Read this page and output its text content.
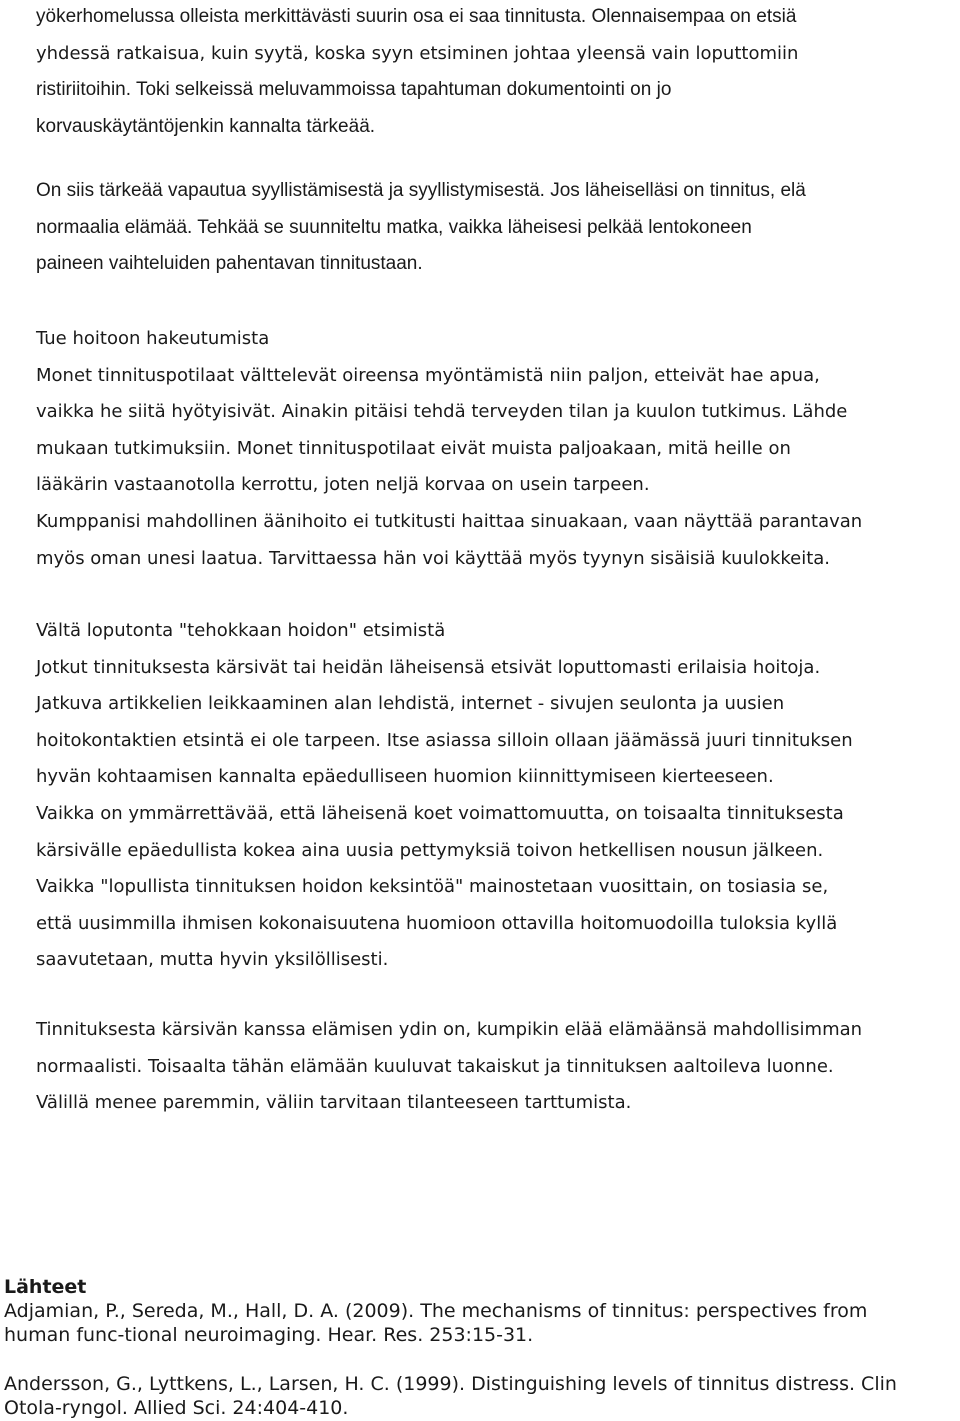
yökerhomelussa olleista merkittävästi suurin osa ei saa tinnitusta. Olennaisempaa on etsiä
yhdessä ratkaisua, kuin syytä, koska syyn etsiminen johtaa yleensä vain loputtomiin
ristiriitoihin. Toki selkeissä meluvammoissa tapahtuman dokumentointi on jo
korvauskäytäntöjenkin kannalta tärkeää.
On siis tärkeää vapautua syyllistämisestä ja syyllistymisestä. Jos läheiselläsi on tinnitus, elä
normaalia elämää. Tehkää se suunniteltu matka, vaikka läheisesi pelkää lentokoneen
paineen vaihteluiden pahentavan tinnitustaan.
Tue hoitoon hakeutumista
Monet tinnituspotilaat välttelevät oireensa myöntämistä niin paljon, etteivät hae apua,
vaikka he siitä hyötyisivät. Ainakin pitäisi tehdä terveyden tilan ja kuulon tutkimus. Lähde
mukaan tutkimuksiin. Monet tinnituspotilaat eivät muista paljoakaan, mitä heille on
lääkärin vastaanotolla kerrottu, joten neljä korvaa on usein tarpeen.
Kumppanisi mahdollinen äänihoito ei tutkitusti haittaa sinuakaan, vaan näyttää parantavan
myös oman unesi laatua. Tarvittaessa hän voi käyttää myös tyynyn sisäisiä kuulokkeita.
Vältä loputonta "tehokkaan hoidon" etsimistä
Jotkut tinnituksesta kärsivät tai heidän läheisensä etsivät loputtomasti erilaisia hoitoja.
Jatkuva artikkelien leikkaaminen alan lehdistä, internet - sivujen seulonta ja uusien
hoitokontaktien etsintä ei ole tarpeen. Itse asiassa silloin ollaan jäämässä juuri tinnituksen
hyvän kohtaamisen kannalta epäedulliseen huomion kiinnittymiseen kierteeseen.
Vaikka on ymmärrettävää, että läheisenä koet voimattomuutta, on toisaalta tinnituksesta
kärsivälle epäedullista kokea aina uusia pettymyksiä toivon hetkellisen nousun jälkeen.
Vaikka "lopullista tinnituksen hoidon keksintöä" mainostetaan vuosittain, on tosiasia se,
että uusimmilla ihmisen kokonaisuutena huomioon ottavilla hoitomuodoilla tuloksia kyllä
saavutetaan, mutta hyvin yksilöllisesti.
Tinnituksesta kärsivän kanssa elämisen ydin on, kumpikin elää elämäänsä mahdollisimman
normaalisti. Toisaalta tähän elämään kuuluvat takaiskut ja tinnituksen aaltoileva luonne.
Välillä menee paremmin, väliin tarvitaan tilanteeseen tarttumista.
Lähteet
Adjamian, P., Sereda, M., Hall, D. A. (2009). The mechanisms of tinnitus: perspectives from
human func-tional neuroimaging. Hear. Res. 253:15-31.
Andersson, G., Lyttkens, L., Larsen, H. C. (1999). Distinguishing levels of tinnitus distress. Clin
Otola-ryngol. Allied Sci. 24:404-410.
